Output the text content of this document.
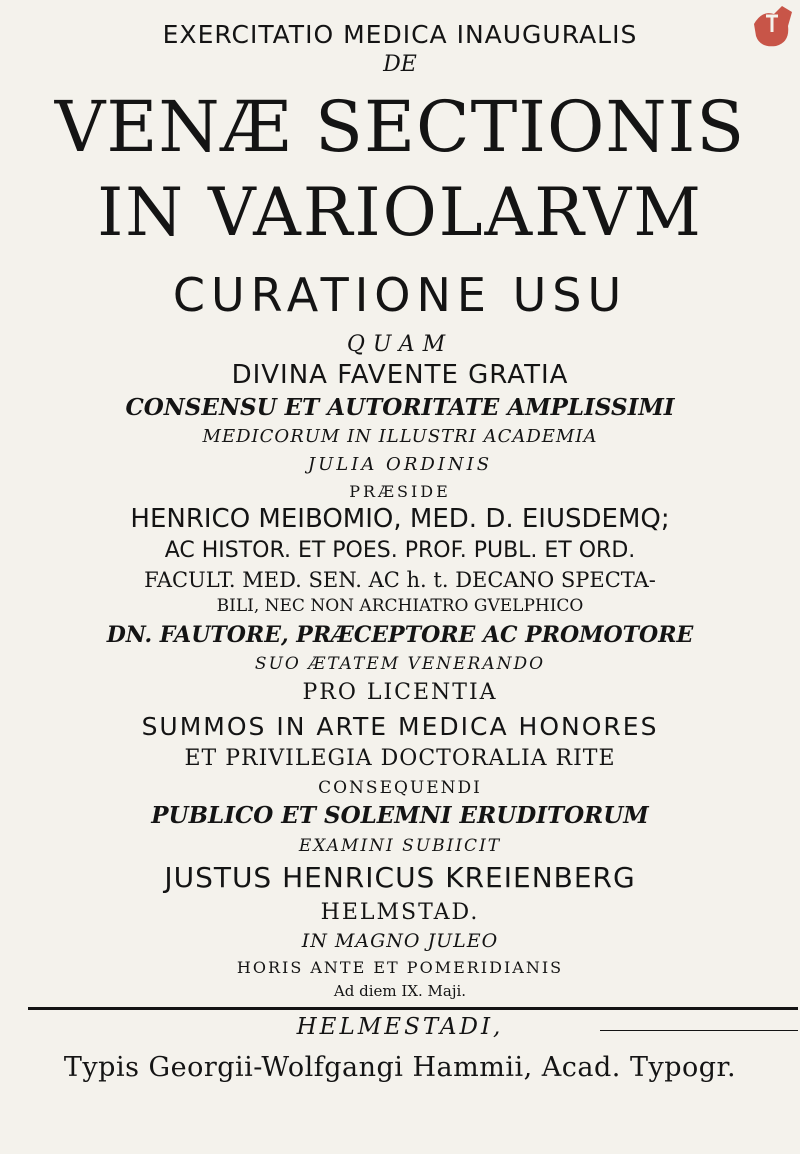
EXERCITATIO MEDICA INAUGURALIS
DE
VENÆ SECTIONIS
IN VARIOLARVM
CURATIONE USU
QUAM
DIVINA FAVENTE GRATIA
CONSENSU ET AUTORITATE AMPLISSIMI
MEDICORUM IN ILLUSTRI ACADEMIA
JULIA ORDINIS
PRÆSIDE
HENRICO MEIBOMIO, MED. D. EIUSDEMQ;
AC HISTOR. ET POES. PROF. PUBL. ET ORD.
FACULT. MED. SEN. AC h. t. DECANO SPECTA-
BILI, NEC NON ARCHIATRO GVELPHICO
DN. FAUTORE, PRÆCEPTORE AC PROMOTORE
SUO ÆTATEM VENERANDO
PRO LICENTIA
SUMMOS IN ARTE MEDICA HONORES
ET PRIVILEGIA DOCTORALIA RITE
CONSEQUENDI
PUBLICO ET SOLEMNI ERUDITORUM
EXAMINI SUBIICIT
JUSTUS HENRICUS KREIENBERG
HELMSTAD.
IN MAGNO JULEO
HORIS ANTE ET POMERIDIANIS
Ad diem IX. Maji.
HELMESTADI,
Typis Georgii-Wolfgangi Hammii, Acad. Typogr.
